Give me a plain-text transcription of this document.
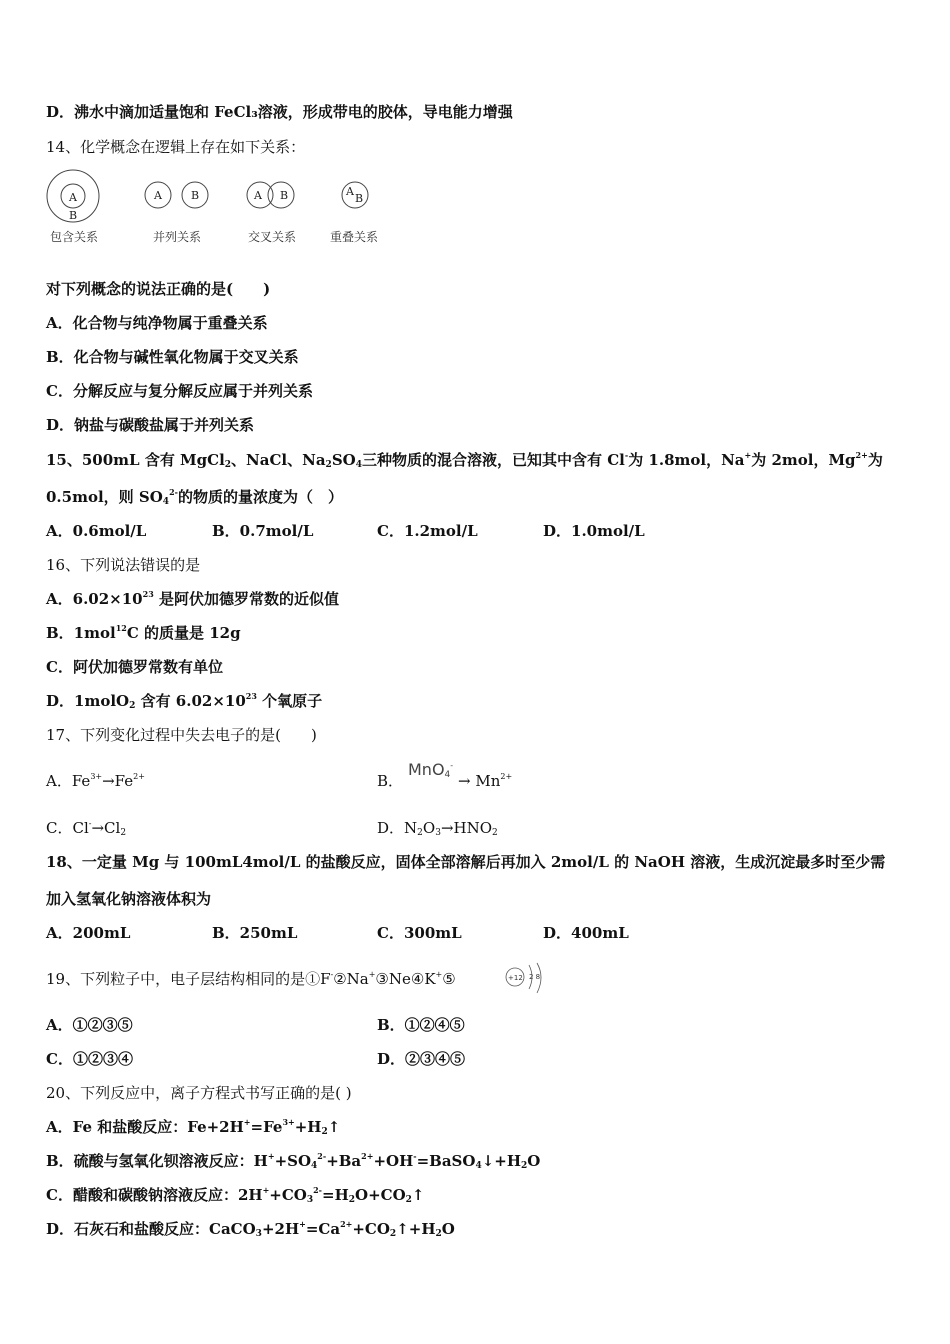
D．沸水中滴加适量饱和 FeCl₃溶液，形成带电的胶体，导电能力增强
14、化学概念在逻辑上存在如下关系：
A
B
A	B	A B	A
B
包含关系	并列关系	交叉关系	重叠关系
对下列概念的说法正确的是(　　)
A．化合物与纯净物属于重叠关系
B．化合物与碱性氧化物属于交叉关系
C．分解反应与复分解反应属于并列关系
D．钠盐与碳酸盐属于并列关系
15、500mL 含有 MgCl$_2$、NaCl、$Na_2SO_4$三种物质的混合溶液，已知其中含有 Cl-为 1.8mol，Na+为 2mol，$Mg^{2+}$为
0.5mol，则 $SO_4^{2-}$的物质的量浓度为（　）
A．0.6mol/L	B．0.7mol/L	C．1.2mol/L	D．1.0mol/L
16、下列说法错误的是
A．$6.02\times 10^{23}$ 是阿伏加德罗常数的近似值
B．1mol$^{12}$C 的质量是 12g
C．阿伏加德罗常数有单位
D．1molO$_2$ 含有 $6.02\times 10^{23}$ 个氧原子
17、下列变化过程中失去电子的是(　　)
A．$Fe^{3+}\to Fe^{2+}$	B．
MnO$_4$-
→ $Mn^{2+}$
C．$Cl^-\to Cl_2$	D．$N_2O_3\to HNO_2$
18、一定量 Mg 与 100mL4mol/L 的盐酸反应，固体全部溶解后再加入 2mol/L 的 NaOH 溶液，生成沉淀最多时至少需
加入氢氧化钠溶液体积为
A．200mL	B．250mL	C．300mL	D．400mL
19、下列粒子中，电子层结构相同的是①F-②Na+③Ne④K+⑤	+12 2 8
A．①②③⑤	B．①②④⑤
C．①②③④	D．②③④⑤
20、下列反应中，离子方程式书写正确的是( )
A．Fe 和盐酸反应：$Fe+2H^+=Fe^{3+}+H_2↑$
B．硫酸与氢氧化钡溶液反应：$H^++SO_4^{2-}+Ba^{2+}+OH^-=BaSO_4↓+H_2O$
C．醋酸和碳酸钠溶液反应：$2H^++CO_3^{2-}=H_2O+CO_2↑$
D．石灰石和盐酸反应：$CaCO_3+2H^+=Ca^{2+}+CO_2↑+H_2O$
